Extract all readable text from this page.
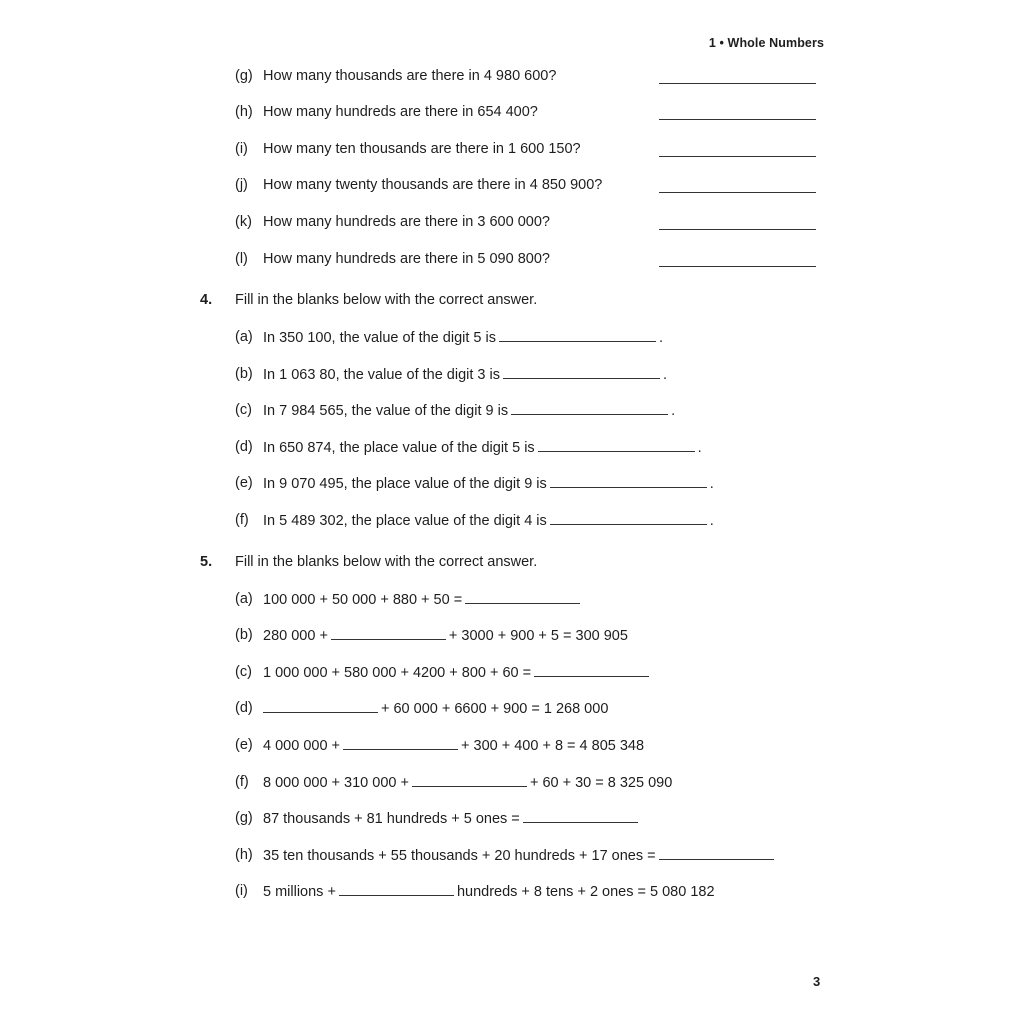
1 • Whole Numbers
(g) How many thousands are there in 4 980 600?
(h) How many hundreds are there in 654 400?
(i) How many ten thousands are there in 1 600 150?
(j) How many twenty thousands are there in 4 850 900?
(k) How many hundreds are there in 3 600 000?
(l) How many hundreds are there in 5 090 800?
4. Fill in the blanks below with the correct answer.
(a) In 350 100, the value of the digit 5 is	.
(b) In 1 063 80, the value of the digit 3 is	.
(c) In 7 984 565, the value of the digit 9 is	.
(d) In 650 874, the place value of the digit 5 is	.
(e) In 9 070 495, the place value of the digit 9 is	.
(f) In 5 489 302, the place value of the digit 4 is	.
5. Fill in the blanks below with the correct answer.
(a) 100 000 + 50 000 + 880 + 50 =
(b) 280 000 +	+ 3000 + 900 + 5 = 300 905
(c) 1 000 000 + 580 000 + 4200 + 800 + 60 =
(d)	+ 60 000 + 6600 + 900 = 1 268 000
(e) 4 000 000 +	+ 300 + 400 + 8 = 4 805 348
(f) 8 000 000 + 310 000 +	+ 60 + 30 = 8 325 090
(g) 87 thousands + 81 hundreds + 5 ones =
(h) 35 ten thousands + 55 thousands + 20 hundreds + 17 ones =
(i) 5 millions +	hundreds + 8 tens + 2 ones = 5 080 182
3
